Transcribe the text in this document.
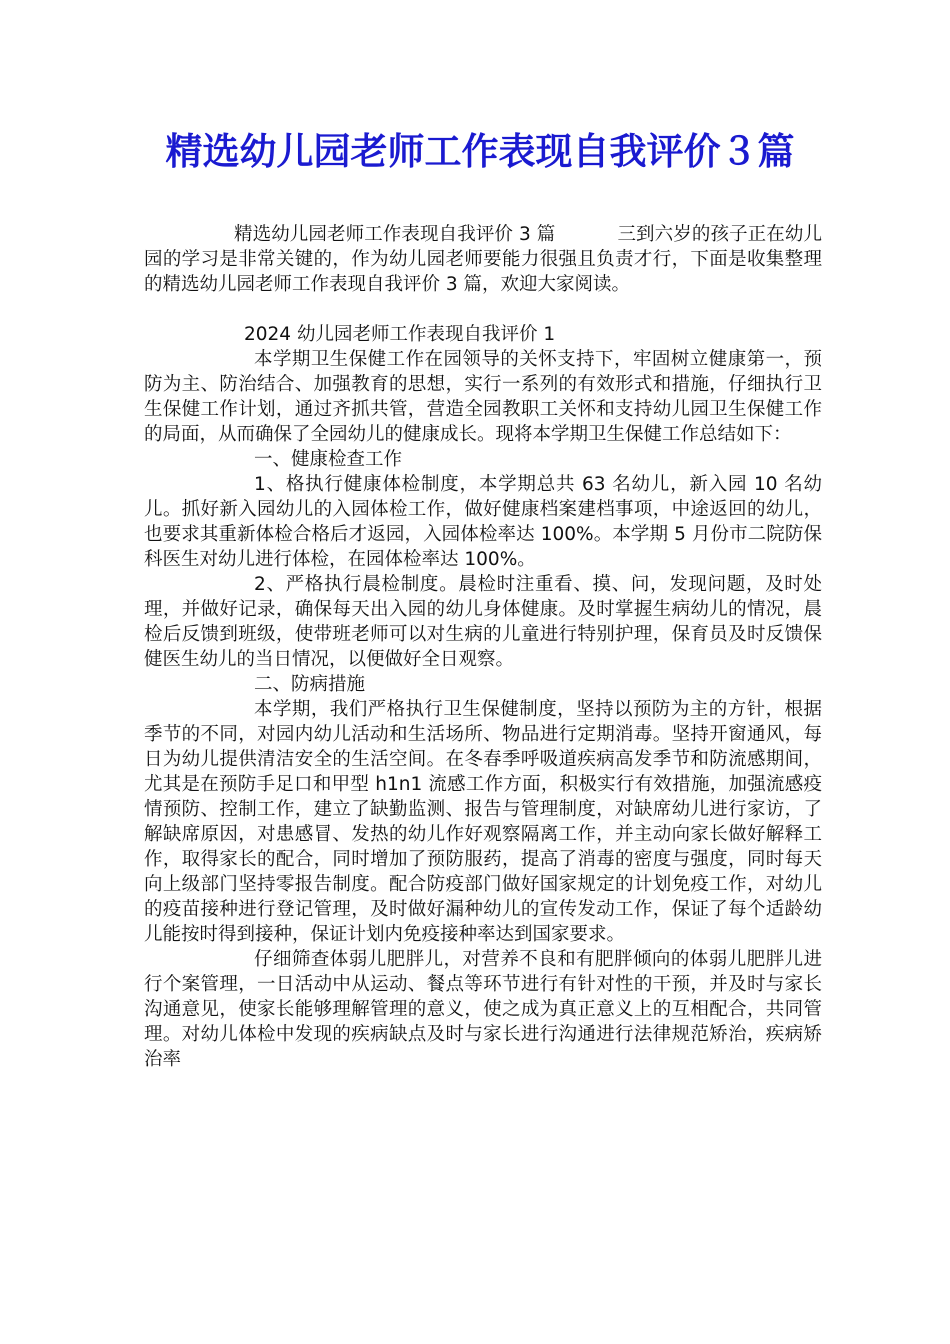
精选幼儿园老师工作表现自我评价３篇

精选幼儿园老师工作表现自我评价 3 篇	三到六岁的孩子正在幼儿园的学习是非常关键的，作为幼儿园老师要能力很强且负责才行，下面是收集整理的精选幼儿园老师工作表现自我评价 3 篇，欢迎大家阅读。

2024 幼儿园老师工作表现自我评价 1

本学期卫生保健工作在园领导的关怀支持下，牢固树立健康第一，预防为主、防治结合、加强教育的思想，实行一系列的有效形式和措施，仔细执行卫生保健工作计划，通过齐抓共管，营造全园教职工关怀和支持幼儿园卫生保健工作的局面，从而确保了全园幼儿的健康成长。现将本学期卫生保健工作总结如下：

一、健康检查工作

1、格执行健康体检制度，本学期总共 63 名幼儿，新入园 10 名幼儿。抓好新入园幼儿的入园体检工作，做好健康档案建档事项，中途返回的幼儿，也要求其重新体检合格后才返园，入园体检率达 100%。本学期 5 月份市二院防保科医生对幼儿进行体检，在园体检率达 100%。

2、严格执行晨检制度。晨检时注重看、摸、问，发现问题，及时处理，并做好记录，确保每天出入园的幼儿身体健康。及时掌握生病幼儿的情况，晨检后反馈到班级，使带班老师可以对生病的儿童进行特别护理，保育员及时反馈保健医生幼儿的当日情况，以便做好全日观察。

二、防病措施

本学期，我们严格执行卫生保健制度，坚持以预防为主的方针，根据季节的不同，对园内幼儿活动和生活场所、物品进行定期消毒。坚持开窗通风，每日为幼儿提供清洁安全的生活空间。在冬春季呼吸道疾病高发季节和防流感期间，尤其是在预防手足口和甲型 h1n1 流感工作方面，积极实行有效措施，加强流感疫情预防、控制工作，建立了缺勤监测、报告与管理制度，对缺席幼儿进行家访，了解缺席原因，对患感冒、发热的幼儿作好观察隔离工作，并主动向家长做好解释工作，取得家长的配合，同时增加了预防服药，提高了消毒的密度与强度，同时每天向上级部门坚持零报告制度。配合防疫部门做好国家规定的计划免疫工作，对幼儿的疫苗接种进行登记管理，及时做好漏种幼儿的宣传发动工作，保证了每个适龄幼儿能按时得到接种，保证计划内免疫接种率达到国家要求。

仔细筛查体弱儿肥胖儿，对营养不良和有肥胖倾向的体弱儿肥胖儿进行个案管理，一日活动中从运动、餐点等环节进行有针对性的干预，并及时与家长沟通意见，使家长能够理解管理的意义，使之成为真正意义上的互相配合，共同管理。对幼儿体检中发现的疾病缺点及时与家长进行沟通进行法律规范矫治，疾病矫治率
